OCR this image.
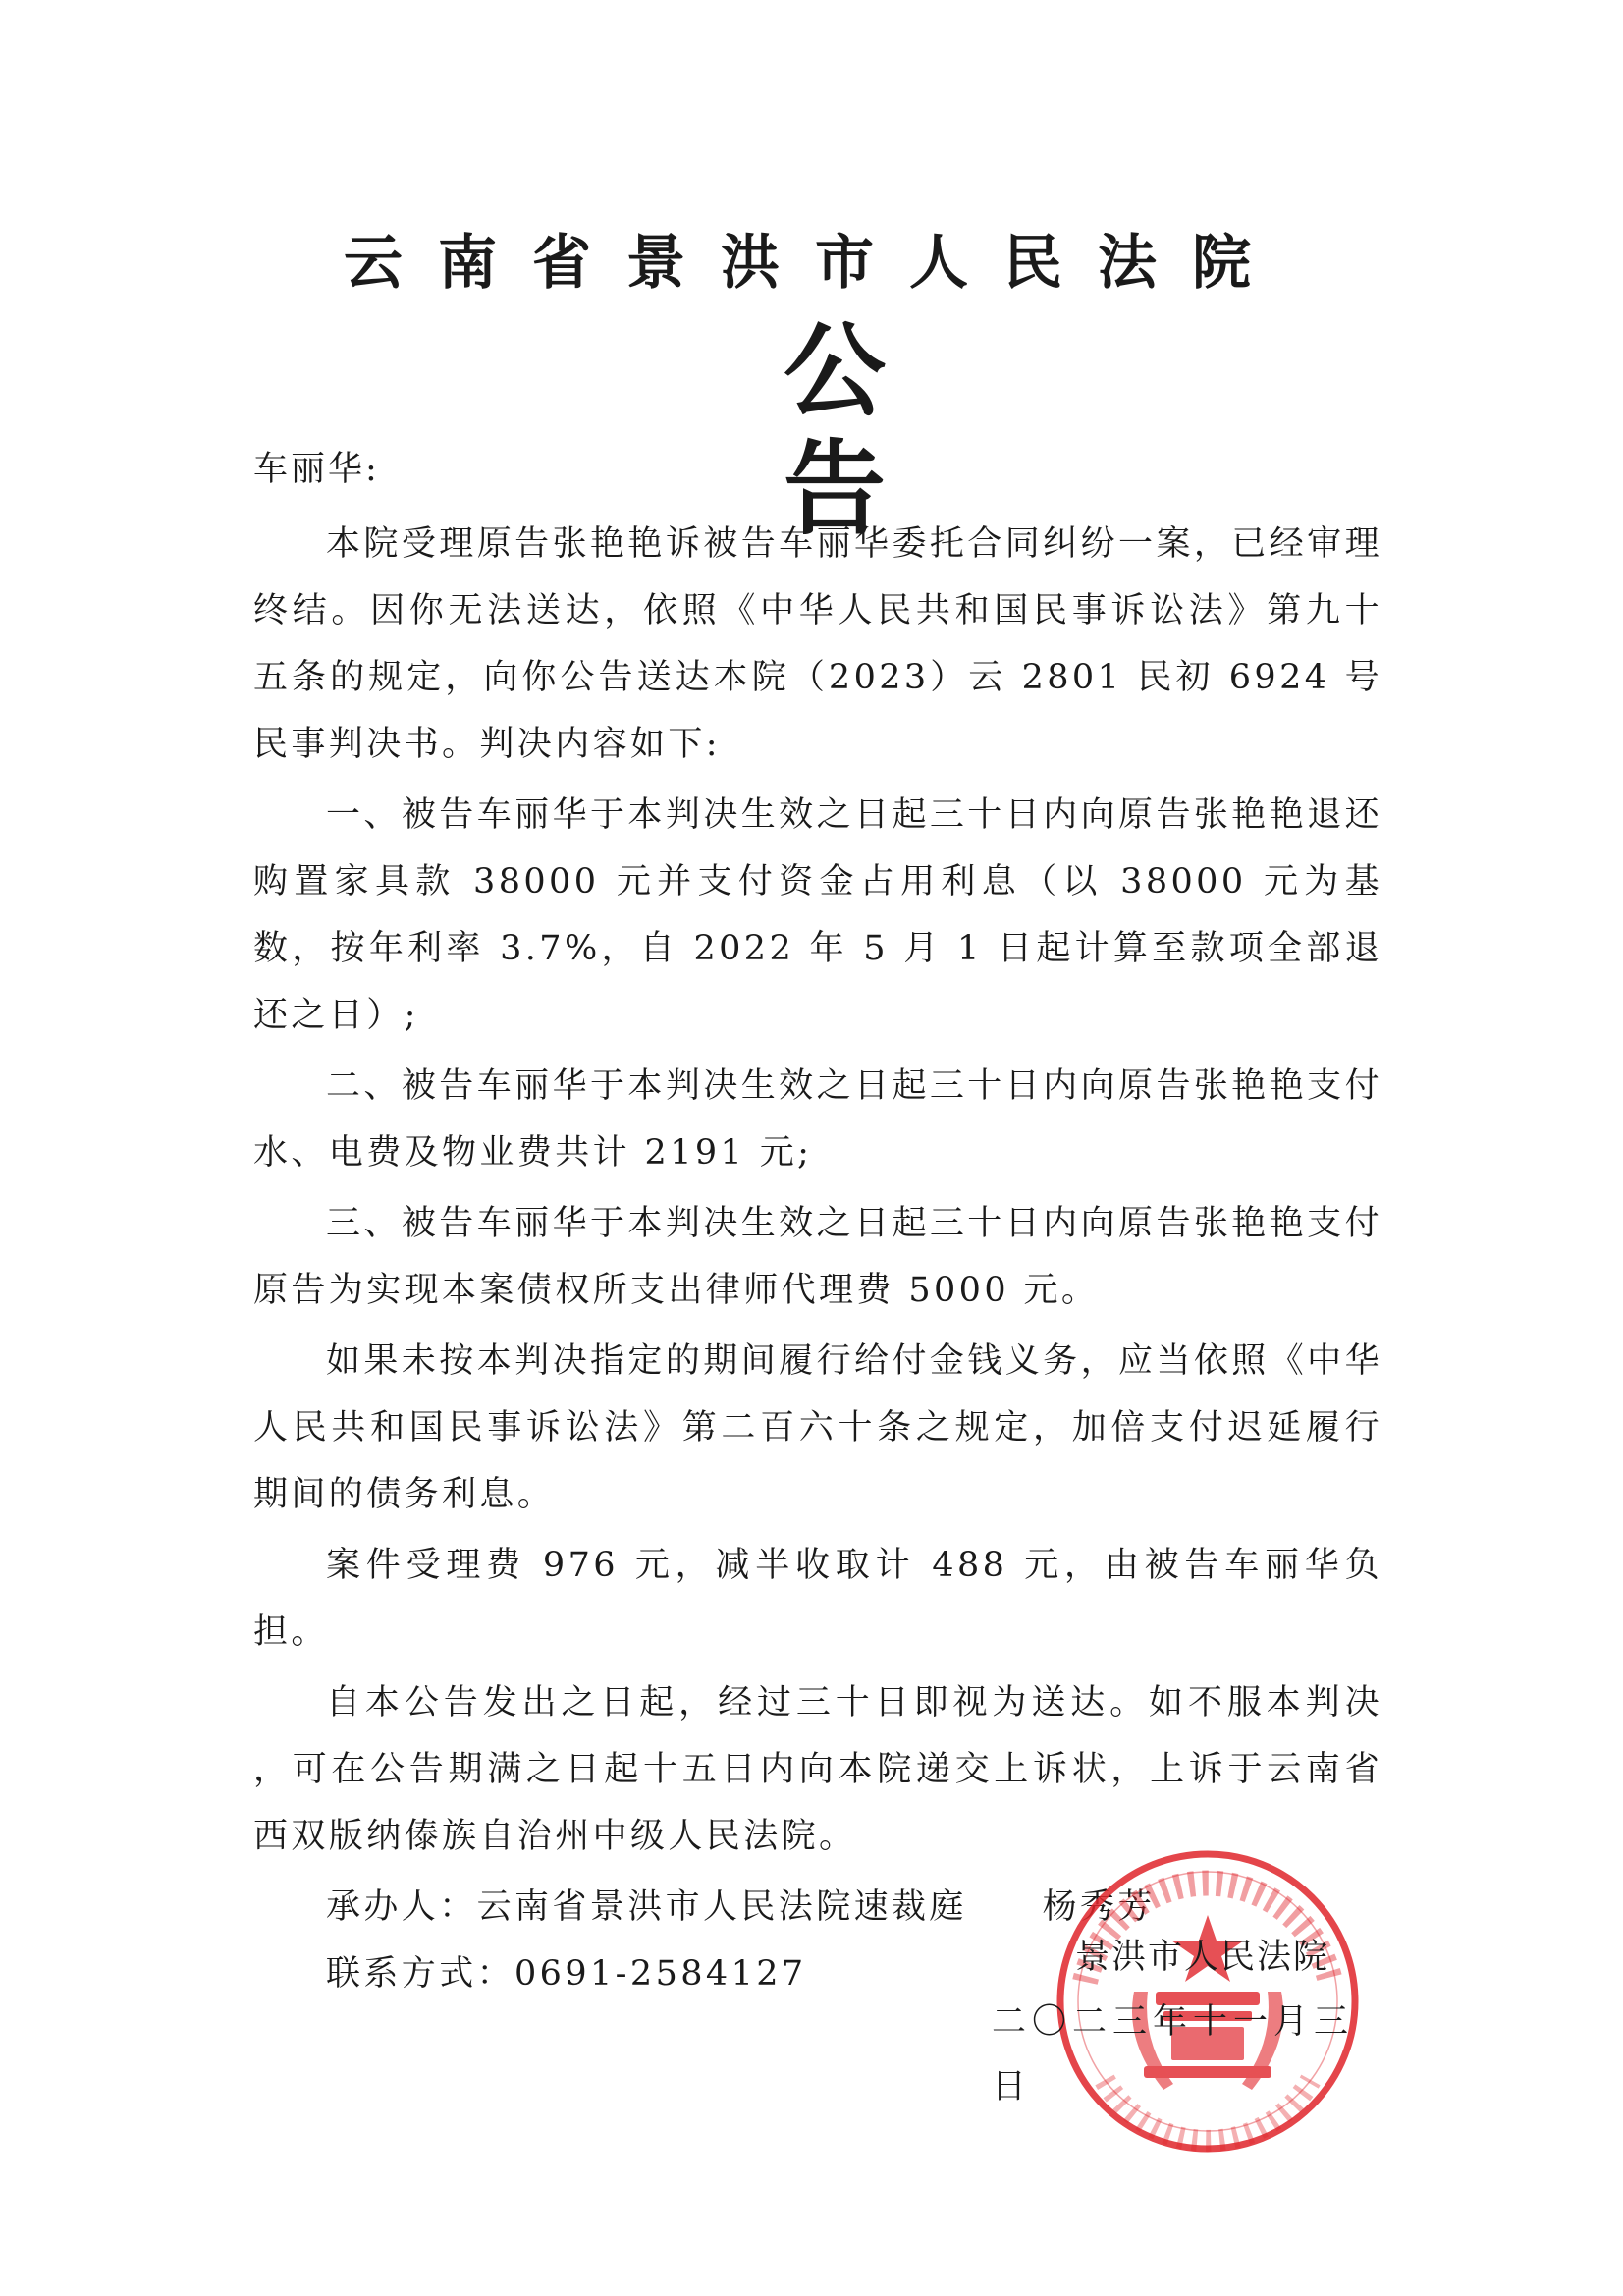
云南省景洪市人民法院
公告
车丽华:

本院受理原告张艳艳诉被告车丽华委托合同纠纷一案，已经审理终结。因你无法送达，依照《中华人民共和国民事诉讼法》第九十五条的规定，向你公告送达本院（2023）云 2801 民初 6924 号民事判决书。判决内容如下:

一、被告车丽华于本判决生效之日起三十日内向原告张艳艳退还购置家具款 38000 元并支付资金占用利息（以 38000 元为基数，按年利率 3.7%，自 2022 年 5 月 1 日起计算至款项全部退还之日）;

二、被告车丽华于本判决生效之日起三十日内向原告张艳艳支付水、电费及物业费共计 2191 元;

三、被告车丽华于本判决生效之日起三十日内向原告张艳艳支付原告为实现本案债权所支出律师代理费 5000 元。

如果未按本判决指定的期间履行给付金钱义务，应当依照《中华人民共和国民事诉讼法》第二百六十条之规定，加倍支付迟延履行期间的债务利息。

案件受理费 976 元，减半收取计 488 元，由被告车丽华负担。

自本公告发出之日起，经过三十日即视为送达。如不服本判决 ，可在公告期满之日起十五日内向本院递交上诉状，上诉于云南省西双版纳傣族自治州中级人民法院。

承办人：云南省景洪市人民法院速裁庭　　杨秀芳

联系方式：0691-2584127	景洪市人民法院
二〇二三年十一月三日
